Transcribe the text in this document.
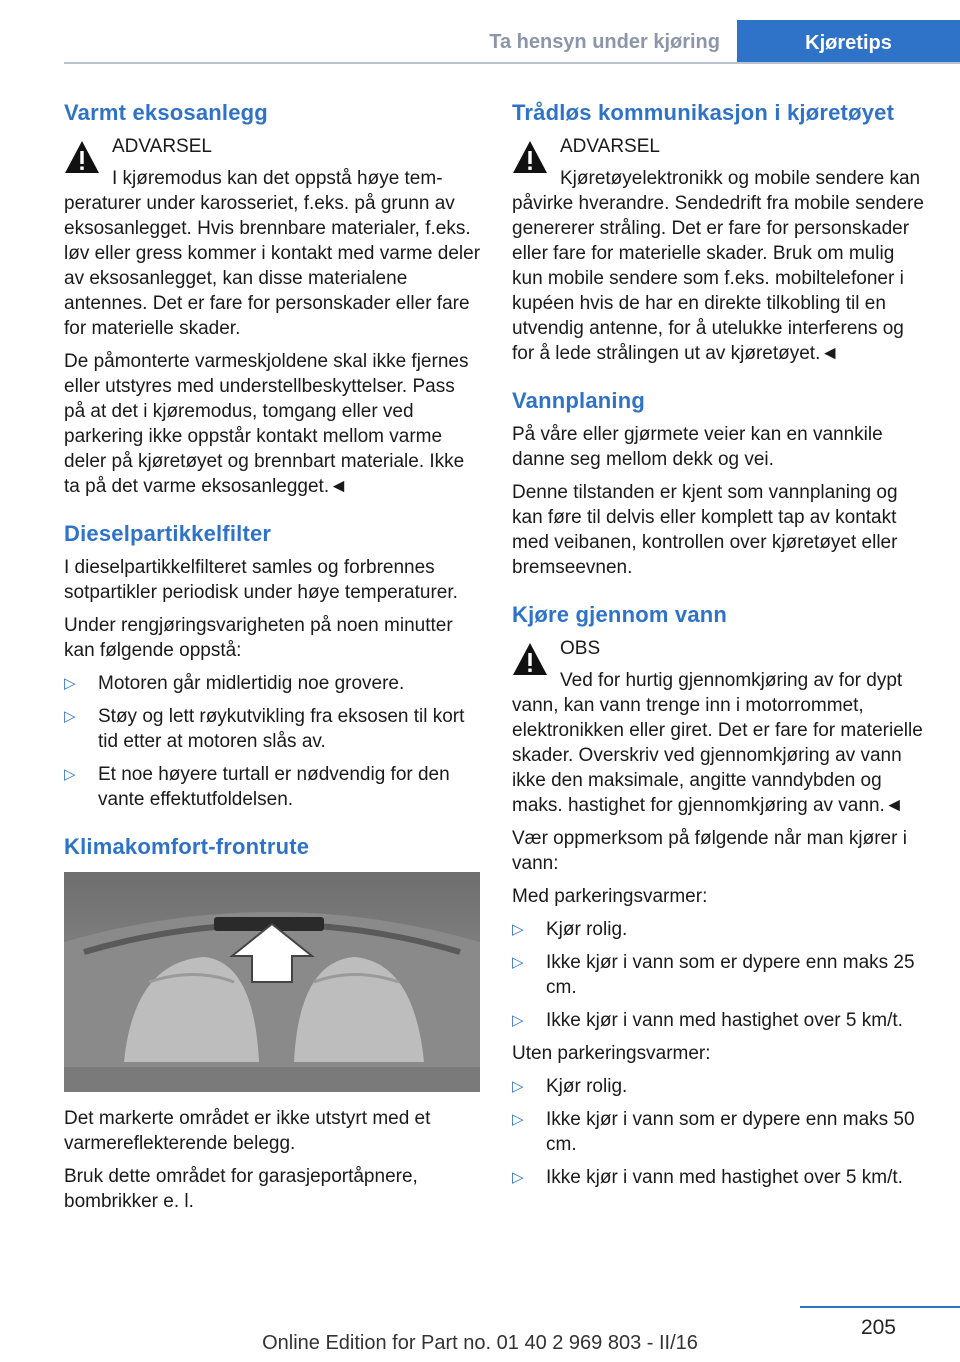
Ta hensyn under kjøring	Kjøretips
Varmt eksosanlegg
ADVARSEL
I kjøremodus kan det oppstå høye temperaturer under karosseriet, f.eks. på grunn av eksosanlegget. Hvis brennbare materialer, f.eks. løv eller gress kommer i kontakt med varme deler av eksosanlegget, kan disse materialene antennes. Det er fare for personskader eller fare for materielle skader.

De påmonterte varmeskjoldene skal ikke fjernes eller utstyres med understellbeskyttelser. Pass på at det i kjøremodus, tomgang eller ved parkering ikke oppstår kontakt mellom varme deler på kjøretøyet og brennbart materiale. Ikke ta på det varme eksosanlegget.◄

Dieselpartikkelfilter

I dieselpartikkelfilteret samles og forbrennes sotpartikler periodisk under høye temperaturer.

Under rengjøringsvarigheten på noen minutter kan følgende oppstå:

▷ Motoren går midlertidig noe grovere.
▷ Støy og lett røykutvikling fra eksosen til kort tid etter at motoren slås av.
▷ Et noe høyere turtall er nødvendig for den vante effektutfoldelsen.
Klimakomfort-frontrute

Det markerte området er ikke utstyrt med et varmereflekterende belegg.

Bruk dette området for garasjeportåpnere, bombrikker e. l.

Trådløs kommunikasjon i kjøretøyet
ADVARSEL
Kjøretøyelektronikk og mobile sendere kan påvirke hverandre. Sendedrift fra mobile sendere genererer stråling. Det er fare for personskader eller fare for materielle skader. Bruk om mulig kun mobile sendere som f.eks. mobiltelefoner i kupéen hvis de har en direkte tilkobling til en utvendig antenne, for å utelukke interferens og for å lede strålingen ut av kjøretøyet.◄
Vannplaning

På våre eller gjørmete veier kan en vannkile danne seg mellom dekk og vei.

Denne tilstanden er kjent som vannplaning og kan føre til delvis eller komplett tap av kontakt med veibanen, kontrollen over kjøretøyet eller bremseevnen.

Kjøre gjennom vann
OBS
Ved for hurtig gjennomkjøring av for dypt vann, kan vann trenge inn i motorrommet, elektronikken eller giret. Det er fare for materielle skader. Overskriv ved gjennomkjøring av vann ikke den maksimale, angitte vanndybden og maks. hastighet for gjennomkjøring av vann.◄

Vær oppmerksom på følgende når man kjører i vann:

Med parkeringsvarmer:

▷ Kjør rolig.
▷ Ikke kjør i vann som er dypere enn maks 25 cm.
▷ Ikke kjør i vann med hastighet over 5 km/t.

Uten parkeringsvarmer:

▷ Kjør rolig.
▷ Ikke kjør i vann som er dypere enn maks 50 cm.
▷ Ikke kjør i vann med hastighet over 5 km/t.
205
Online Edition for Part no. 01 40 2 969 803 - II/16
